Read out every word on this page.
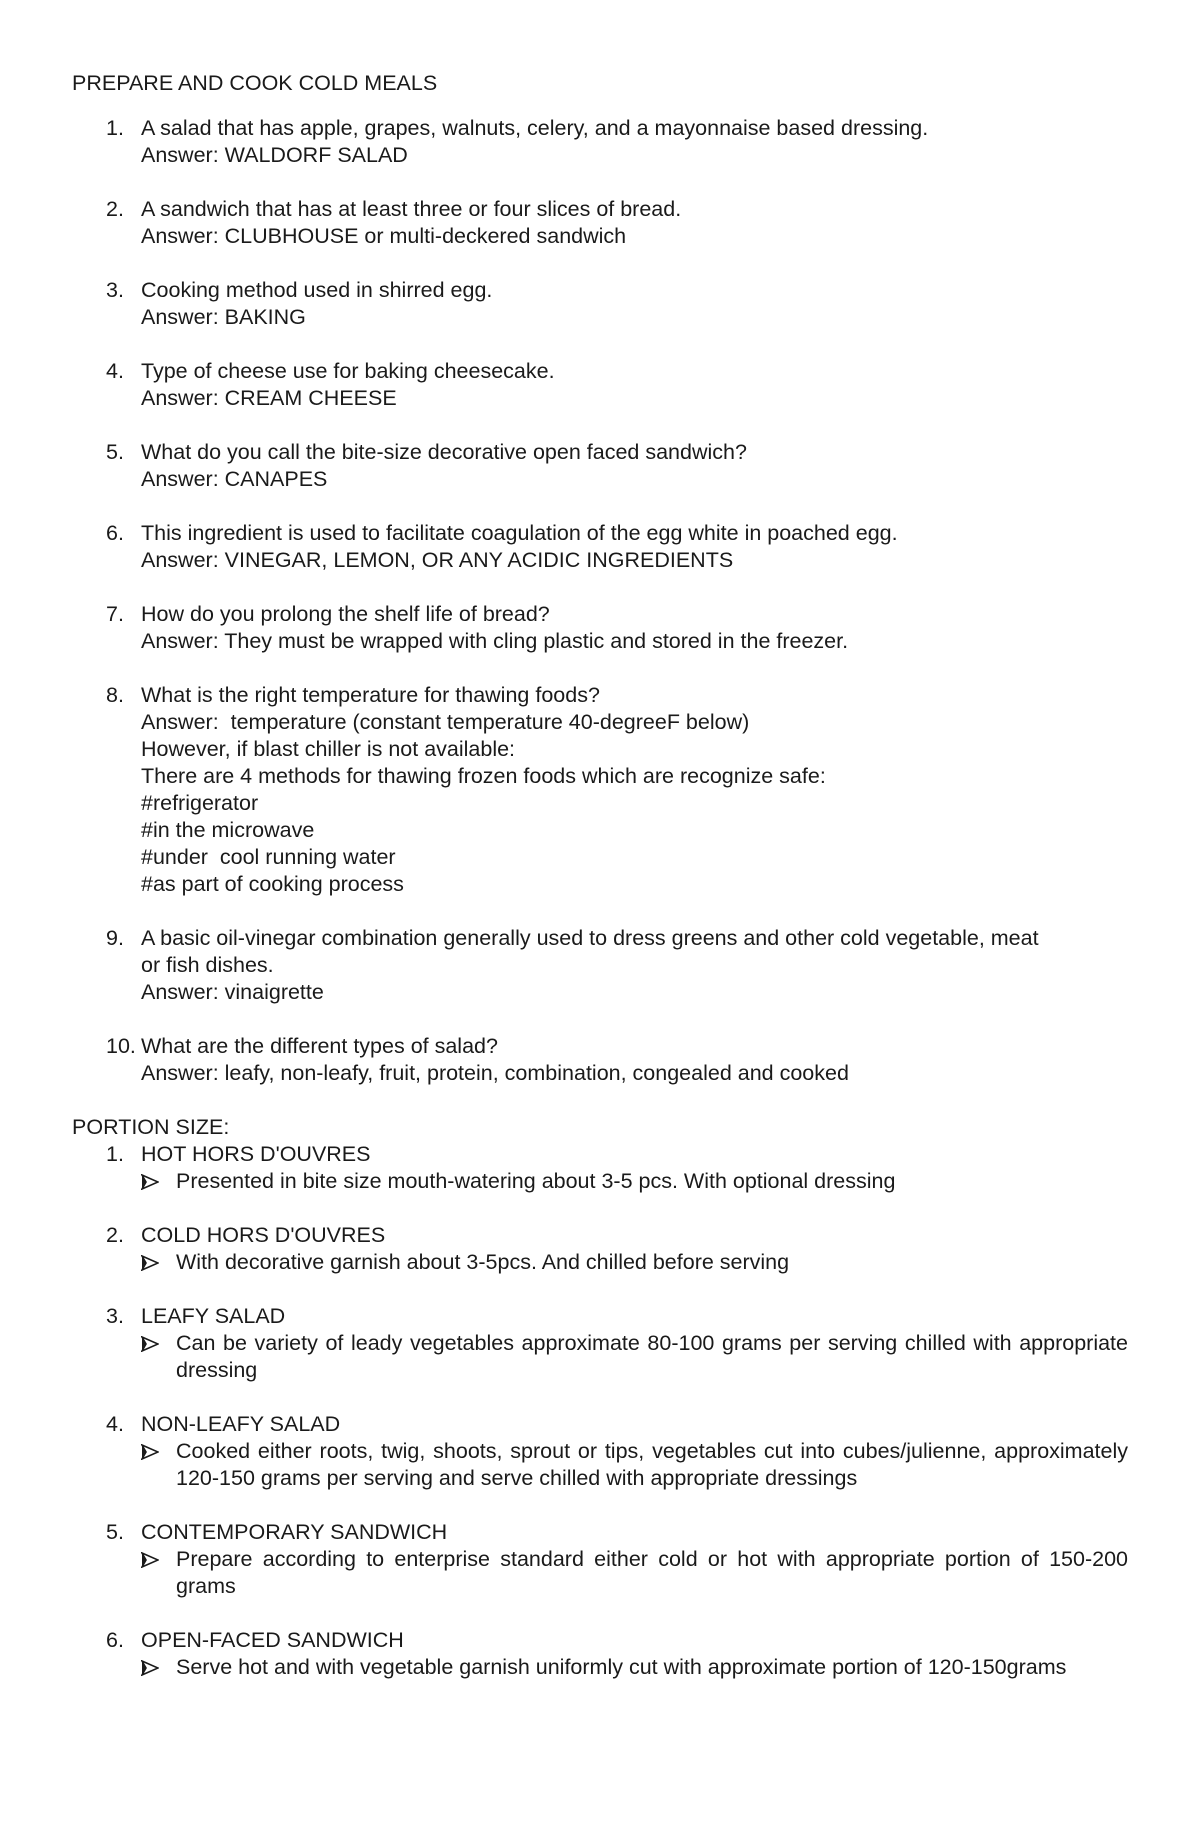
PREPARE AND COOK COLD MEALS
1. A salad that has apple, grapes, walnuts, celery, and a mayonnaise based dressing.
Answer: WALDORF SALAD
2. A sandwich that has at least three or four slices of bread.
Answer: CLUBHOUSE or multi-deckered sandwich
3. Cooking method used in shirred egg.
Answer: BAKING
4. Type of cheese use for baking cheesecake.
Answer: CREAM CHEESE
5. What do you call the bite-size decorative open faced sandwich?
Answer: CANAPES
6. This ingredient is used to facilitate coagulation of the egg white in poached egg.
Answer: VINEGAR, LEMON, OR ANY ACIDIC INGREDIENTS
7. How do you prolong the shelf life of bread?
Answer: They must be wrapped with cling plastic and stored in the freezer.
8. What is the right temperature for thawing foods?
Answer:  temperature (constant temperature 40-degreeF below)
However, if blast chiller is not available:
There are 4 methods for thawing frozen foods which are recognize safe:
#refrigerator
#in the microwave
#under  cool running water
#as part of cooking process
9. A basic oil-vinegar combination generally used to dress greens and other cold vegetable, meat
or fish dishes.
Answer: vinaigrette
10. What are the different types of salad?
Answer: leafy, non-leafy, fruit, protein, combination, congealed and cooked
PORTION SIZE:
1. HOT HORS D'OUVRES
Presented in bite size mouth-watering about 3-5 pcs. With optional dressing
2. COLD HORS D'OUVRES
With decorative garnish about 3-5pcs. And chilled before serving
3. LEAFY SALAD
Can be variety of leady vegetables approximate 80-100 grams per serving chilled with appropriate dressing
4. NON-LEAFY SALAD
Cooked either roots, twig, shoots, sprout or tips, vegetables cut into cubes/julienne, approximately 120-150 grams per serving and serve chilled with appropriate dressings
5. CONTEMPORARY SANDWICH
Prepare according to enterprise standard either cold or hot with appropriate portion of 150-200 grams
6. OPEN-FACED SANDWICH
Serve hot and with vegetable garnish uniformly cut with approximate portion of 120-150grams
